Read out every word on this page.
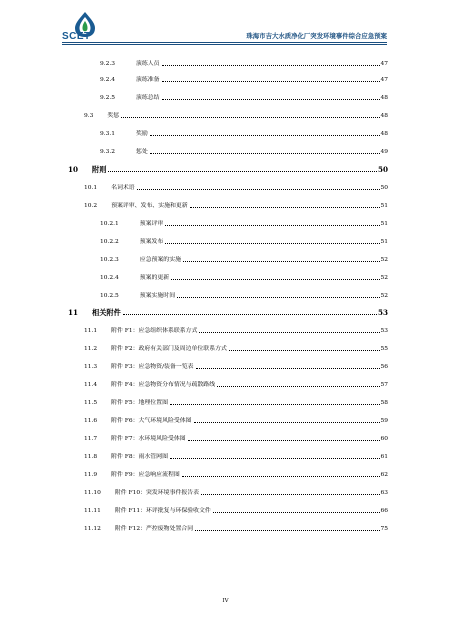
SCET	珠海市吉大水质净化厂突发环境事件综合应急预案
9.2.3	演练人员	47
9.2.4	演练准备	47
9.2.5	演练总结	48
9.3 奖惩	48
9.3.1	奖励	48
9.3.2	惩处	49
10 附则	50
10.1 名词术语	50
10.2 预案评审、发布、实施和更新	51
10.2.1	预案评审	51
10.2.2	预案发布	51
10.2.3	应急预案的实施	52
10.2.4	预案的更新	52
10.2.5	预案实施时间	52
11 相关附件	53
11.1 附件 F1：应急组织体系联系方式	53
11.2 附件 F2：政府有关部门及周边单位联系方式	55
11.3 附件 F3：应急物资/装备一览表	56
11.4 附件 F4：应急物资分布情况与疏散路线	57
11.5 附件 F5：地理位置图	58
11.6 附件 F6：大气环境风险受体图	59
11.7 附件 F7：水环境风险受体图	60
11.8 附件 F8：雨水管网图	61
11.9 附件 F9：应急响应流程图	62
11.10 附件 F10：突发环境事件报告表	63
11.11 附件 F11：环评批复与环保验收文件	66
11.12 附件 F12：严控废物处置合同	75
IV
